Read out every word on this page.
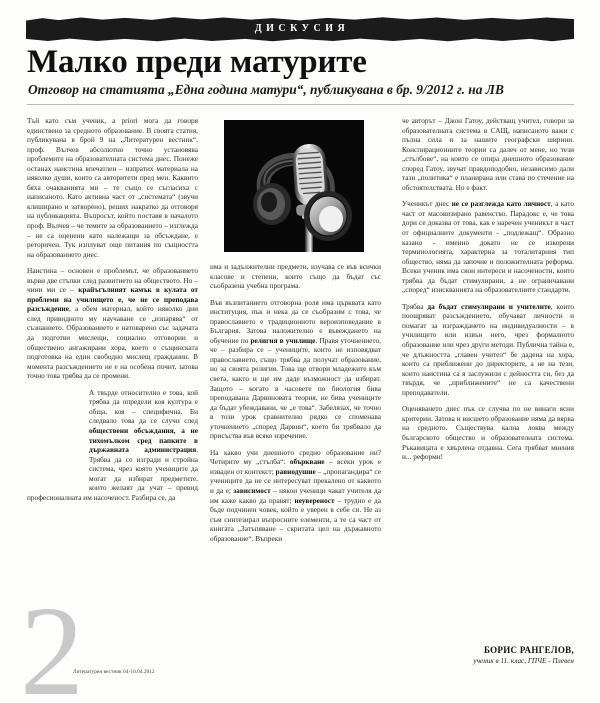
ДИСКУСИЯ
Малко преди матурите
Отговор на статията „Една година матури“, публикувана в бр. 9/2012 г. на ЛВ

Тъй като съм ученик, a priori мога да говоря единствено за средното образование. В своята статия, публикувана в брой 9 на „Литературен вестник“, проф. Вълчев абсолютно точно установява проблемите на образователната система днес. Понеже останах наистина впечатлен – изпратих материала на няколко души, които са авторитети пред мен. Каквито бяха очакванията ми – те също се съгласиха с написаното. Като активна част от „системата“ (звучи клиширано и затворено), реших накратко да отговоря на публикацията. Въпросът, който поставя в началото проф. Вълчев – че темите за образованието – изглежда – не са оценени като належащи за обсъждане, е реторичен. Тук изплуват още питания по същността на образованието днес.

Наистина – основен е проблемът, че образованието върви две стъпки след развитието на обществото. Но – чини ми се – крайъгълният камък в кулата от проблеми на училището е, че не се преподава разсъждение, а обем материал, който няколко дни след привидното му научаване се „изпарява“ от съзнанието. Образованието е натоварено със задачата да подготви мислещи, социално отговорни и обществено ангажирани хора, което е същинската подготовка на един свободно мислещ гражданин. В момента разсъждението не е на особена почит, затова точно това трябва да се промени.

А твърде относително е това, кой трябва да определи коя култура е обща, коя – специфична. Би следвало това да се случи след обществени обсъждания, а не тихомълком сред папките в държавната администрация. Трябва да се изгради и стройна система, чрез която учениците да могат да избират предметите, които желаят да учат – превид професионалната им насоченост. Разбира се, да

има и задължителни предмети, изучава се във всички класове и степени, които също да бъдат със съобразена учебна програма.

Във възпитанието отговорна роля има църквата като институция, пък и нека да се съобразим с това, че православието е традиционното вероизповедание в България. Затова наложително е въвеждането на обучение по религия в училище. Правя уточнението, че – разбира се – учениците, които не изповядват православието, също трябва да получат образование, но за своята религия. Това ще отвори младежите към света, както и ще им даде възможност да избират. Защото – когато в часовете по биология бива преподавана Дарвиновата теория, не бива учениците да бъдат убеждавани, че „е това“. Забелязах, че точно в този урок сравнително рядко се споменава уточнението „според Дарвин“, което би трябвало да присъства във всяко изречение.

На какво учи днешното средно образование ни? Четирите му „стълба“: объркване – всеки урок е изваден от контекст; равнодушие – „пропагандира“ се учениците да не се интересуват прекалено от каквото и да е; зависимост – някои ученици чакат учителя да им каже какво да правят; неувереност – трудно е да бъде подчинен човек, който е уверен в себе си. Не аз съм синтезирал въпросните елементи, а те са част от книгата „Затъпяване – скритата цел на държавното образование“. Въпреки

че авторът – Джон Гатоу, действащ учител, говори за образователната система в САЩ, написаното важи с пълна сила и за нашите географски ширини. Конспирационните теории са далеч от мене, но тези „стълбове“, на които се опира днешното образование според Гатоу, звучат правдоподобно, независимо дали тази „политика“ е планирана или става по стечение на обстоятелствата. Но е факт.

Ученикът днес не се разглежда като личност, а като част от масовизирано равенство. Парадокс е, че това дори се доказва от това, как е наречен ученикът в част от официалните документи - „подлежащ“. Образно казано - именно докато не се изкорени терминологията, характерна за тоталитарния тип общество, няма да започне и положителната реформа. Всеки ученик има свои интереси и насочености, които трябва да бъдат стимулирани, а не ограничавани „според“ изискванията на образователните стандарти.

Трябва да бъдат стимулирани и учителите, които поощряват разсъждението, обучават личности и помагат за изграждането на индивидуалности – в училището или извън него, чрез формалното образование или чрез други методи. Публична тайна е, че длъжността „главен учител“ бе дадена на хора, които са приближени до директорите, а не на тези, които наистина са я заслужили с дейността си, без да твърдя, че „приближените“ не са качествени преподаватели.

Оценяването днес пък се случва по не винаги ясни критерии. Затова и висшето образование няма да вярва на средното. Съществува кална локва между българското общество и образователната система. Ръкавицата е хвърлена отдавна. Сега трябват мнения и... реформи!

2
Литературен вестник 04-10.04.2012
БОРИС РАНГЕЛОВ,
ученик в 11. клас, ГПЧЕ - Плевен
